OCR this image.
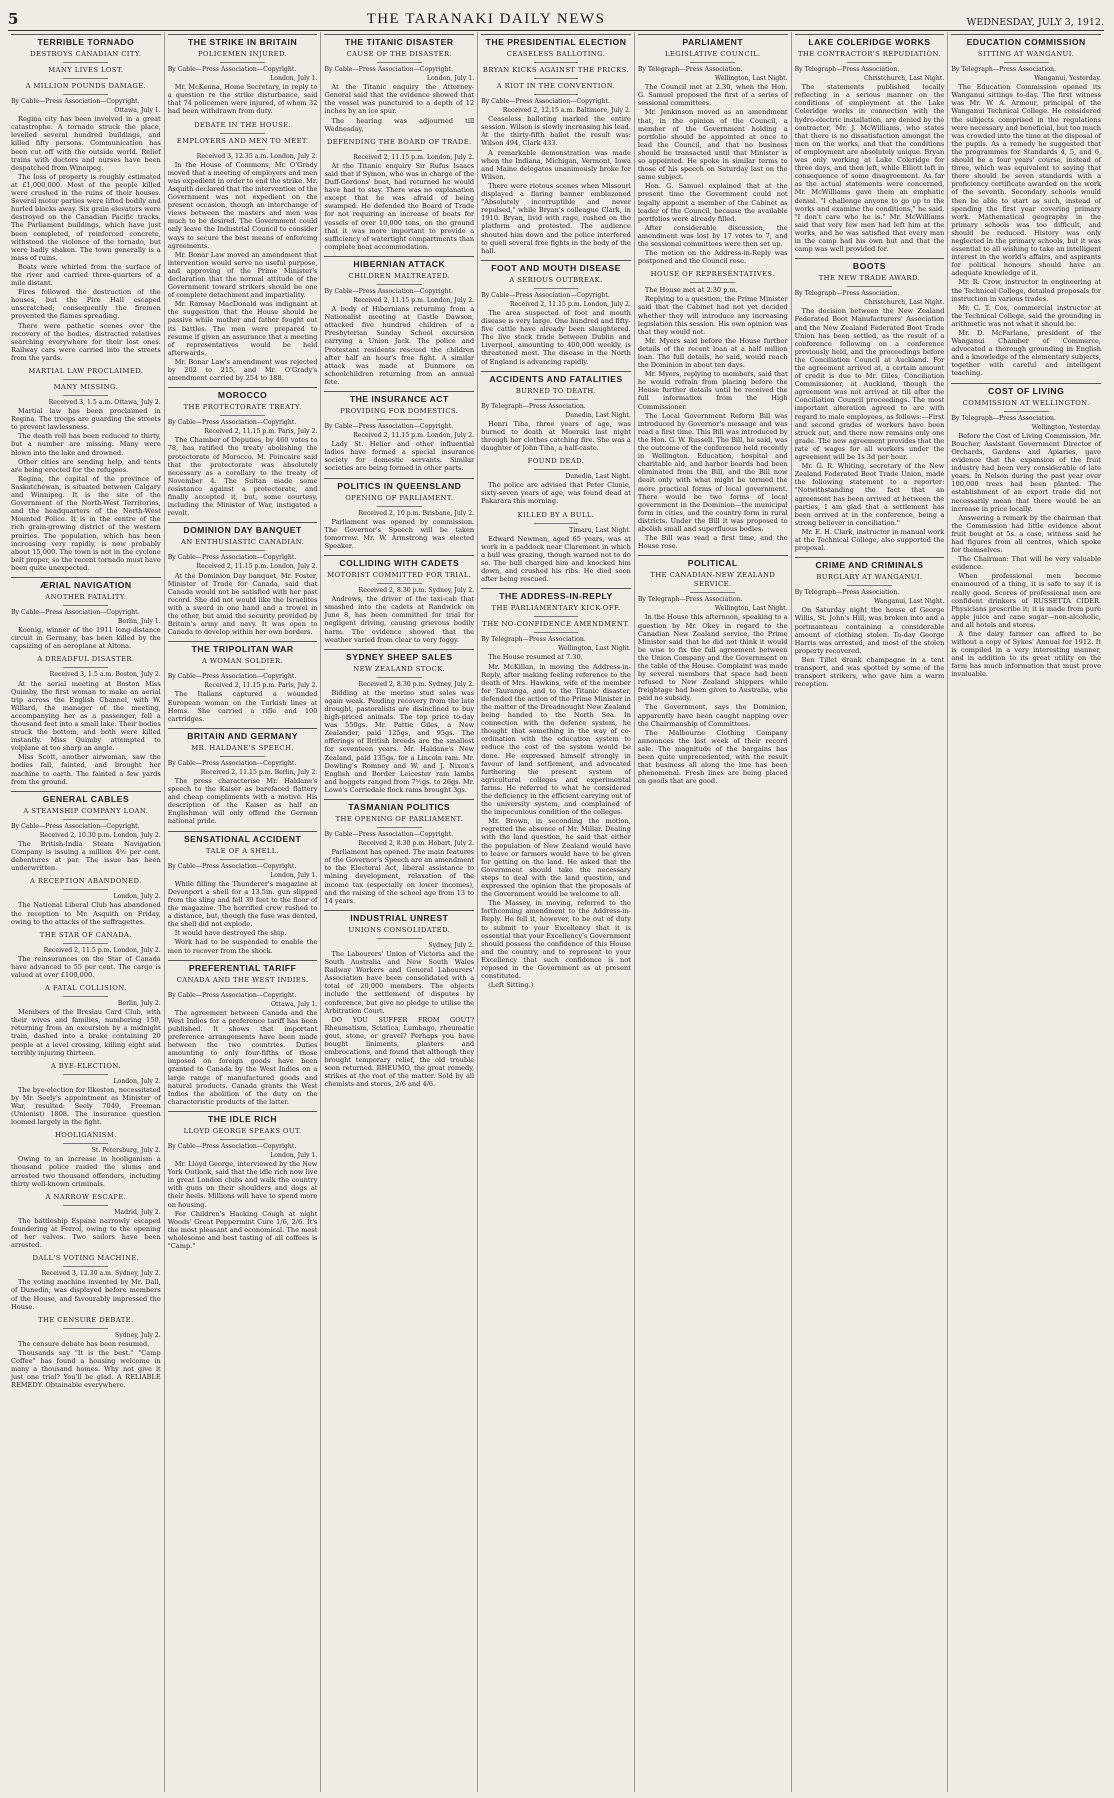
5	THE TARANAKI DAILY NEWS	WEDNESDAY, JULY 3, 1912.
TERRIBLE TORNADO
DESTROYS CANADIAN CITY.
MANY LIVES LOST.
A MILLION POUNDS DAMAGE.
By Cable—Press Association—Copyright.
Ottawa, July 1.

Regina city has been involved in a great catastrophe. A tornado struck the place, levelled several hundred buildings, and killed fifty persons. Communication has been cut off with the outside world. Relief trains with doctors and nurses have been despatched from Winnipeg.

The loss of property is roughly estimated at £1,000,000. Most of the people killed were crushed in the ruins of their houses. Several motor parties were lifted bodily and hurled blocks away. Six grain elevators were destroyed on the Canadian Pacific tracks. The Parliament buildings, which have just been completed, of reinforced concrete, withstood the violence of the tornado, but were badly shaken. The town generally is a mass of ruins.

Boats were whirled from the surface of the river and carried three-quarters of a mile distant.

Fires followed the destruction of the houses, but the Fire Hall escaped unscratched; consequently the firemen prevented the flames spreading.

There were pathetic scenes over the recovery of the bodies, distracted relatives searching everywhere for their lost ones. Railway cars were carried into the streets from the yards.

MARTIAL LAW PROCLAIMED.
MANY MISSING.
Received 3, 1.5 a.m. Ottawa, July 2.

Martial law has been proclaimed in Regina. The troops are guarding the streets to prevent lawlessness.

The death roll has been reduced to thirty, but a number are missing. Many were blown into the lake and drowned.

Other cities are sending help, and tents are being erected for the refugees.

Regina, the capital of the province of Saskatchewan, is situated between Calgary and Winnipeg. It is the site of the Government of the North-West Territories, and the headquarters of the North-West Mounted Police. It is in the centre of the rich grain-growing district of the western prairies. The population, which has been increasing very rapidly, is now probably about 15,000. The town is not in the cyclone belt proper, so the recent tornado must have been quite unexpected.

ÆRIAL NAVIGATION
ANOTHER FATALITY.
By Cable—Press Association—Copyright.
Berlin, July 1.

Koenig, winner of the 1911 long-distance circuit in Germany, has been killed by the capsizing of an aeroplane at Altona.

A DREADFUL DISASTER.
Received 3, 1.5 a.m. Boston, July 2.

At the aerial meeting at Boston Miss Quimby, the first woman to make an aerial trip across the English Channel, with W. Willard, the manager of the meeting, accompanying her as a passenger, fell a thousand feet into a small lake. Their bodies struck the bottom, and both were killed instantly. Miss Quimby attempted to volplane at too sharp an angle.

Miss Scott, another airwoman, saw the bodies fall, fainted, and brought her machine to earth. The fainted a few yards from the ground.

GENERAL CABLES
A STEAMSHIP COMPANY LOAN.
By Cable—Press Association—Copyright.
Received 2, 10.30 p.m. London, July 2.

The British-India Steam Navigation Company is issuing a million 4½ per cent. debentures at par. The issue has been underwritten.

A RECEPTION ABANDONED.
London, July 2.

The National Liberal Club has abandoned the reception to Mr. Asquith on Friday, owing to the attacks of the suffragettes.

THE STAR OF CANADA.
Received 2, 11.5 p.m. London, July 2.

The reinsurances on the Star of Canada have advanced to 55 per cent. The cargo is valued at over £100,000.

A FATAL COLLISION.
Berlin, July 2.

Members of the Breslau Card Club, with their wives and families, numbering 150, returning from an excursion by a midnight train, dashed into a brake containing 20 people at a level crossing, killing eight and terribly injuring thirteen.

A BYE-ELECTION.
London, July 2.

The bye-election for Ilkeston, necessitated by Mr. Seely's appointment as Minister of War, resulted: Seely 7049, Freeman (Unionist) 1808. The insurance question loomed largely in the fight.

HOOLIGANISM.
St. Petersburg, July 2.

Owing to an increase in hooliganism a thousand police raided the slums and arrested two thousand offenders, including thirty well-known criminals.

A NARROW ESCAPE.
Madrid, July 2.

The battleship Espana narrowly escaped foundering at Ferrol, owing to the opening of her valves. Two sailors have been arrested.

DALL'S VOTING MACHINE.
Received 3, 12.30 a.m. Sydney, July 2.

The voting machine invented by Mr. Dall, of Dunedin, was displayed before members of the House, and favourably impressed the House.

THE CENSURE DEBATE.
Sydney, July 2.

The censure debate has been resumed.

Thousands say "It is the best." "Camp Coffee" has found a housing welcome in many a thousand homes. Why not give it just one trial? You'll be glad. A RELIABLE REMEDY. Obtainable everywhere.

THE STRIKE IN BRITAIN
POLICEMEN INJURED.
By Cable—Press Association—Copyright.
London, July 1.

Mr. McKenna, Home Secretary, in reply to a question re the strike disturbance, said that 74 policemen were injured, of whom 32 had been withdrawn from duty.

DEBATE IN THE HOUSE.
EMPLOYERS AND MEN TO MEET.
Received 3, 12.35 a.m. London, July 2.

In the House of Commons, Mr. O'Grady moved that a meeting of employers and men was expedient in order to end the strike. Mr. Asquith declared that the intervention of the Government was not expedient on the present occasion, though an interchange of views between the masters and men was much to be desired. The Government could only leave the Industrial Council to consider ways to secure the best means of enforcing agreements.

Mr. Bonar Law moved an amendment that intervention would serve no useful purpose, and approving of the Prime Minister's declaration that the normal attitude of the Government toward strikers should be one of complete detachment and impartiality.

Mr. Ramsay MacDonald was indignant at the suggestion that the House should be passive while mother and father fought out its battles. The men were prepared to resume if given an assurance that a meeting of representatives would be held afterwards.

Mr. Bonar Law's amendment was rejected by 202 to 215, and Mr. O'Grady's amendment carried by 254 to 188.

MOROCCO
THE PROTECTORATE TREATY.
By Cable—Press Association—Copyright.
Received 2, 11.15 p.m. Paris, July 2.

The Chamber of Deputies, by 460 votes to 78, has ratified the treaty abolishing the protectorate of Morocco. M. Poincaire said that the protectorate was absolutely necessary as a corollary to the treaty of November 4. The Sultan made some resistance against a protectorate, and finally accepted it, but, some courtesy, including the Minister of War, instigated a revolt.

DOMINION DAY BANQUET
AN ENTHUSIASTIC CANADIAN.
By Cable—Press Association—Copyright.
Received 2, 11.15 p.m. London, July 2.

At the Dominion Day banquet, Mr. Foster, Minister of Trade for Canada, said that Canada would not be satisfied with her past record. She did not would like the Israelites with a sword in one hand and a trowel in the other, but amid the security provided by Britain's army and navy. It was open to Canada to develop within her own borders.

THE TRIPOLITAN WAR
A WOMAN SOLDIER.
By Cable—Press Association—Copyright.
Received 2, 11.15 p.m. Paris, July 2.

The Italians captured a wounded European woman on the Turkish lines at Homs. She carried a rifle and 100 cartridges.

BRITAIN AND GERMANY
MR. HALDANE'S SPEECH.
By Cable—Press Association—Copyright.
Received 2, 11.15 p.m. Berlin, July 2.

The press characterise Mr. Haldane's speech to the Kaiser as barefaced flattery and cheap compliments with a motive. His description of the Kaiser as half an Englishman will only offend the German national pride.

SENSATIONAL ACCIDENT
TALE OF A SHELL.
By Cable—Press Association—Copyright.
London, July 1.

While filling the Thunderer's magazine at Devonport a shell for a 13.5in. gun slipped from the sling and fell 30 feet to the floor of the magazine. The horrified crew rushed to a distance, but, though the fuse was dented, the shell did not explode.

It would have destroyed the ship.

Work had to be suspended to enable the men to recover from the shock.

PREFERENTIAL TARIFF
CANADA AND THE WEST INDIES.
By Cable—Press Association—Copyright.
Ottawa, July 1.

The agreement between Canada and the West Indies for a preference tariff has been published. It shows that important preference arrangements have been made between the two countries. Duties amounting to only four-fifths of those imposed on foreign goods have been granted to Canada by the West Indies on a large range of manufactured goods and natural products. Canada grants the West Indies the abolition of the duty on the characteristic products of the latter.

THE IDLE RICH
LLOYD GEORGE SPEAKS OUT.
By Cable—Press Association—Copyright.
London, July 1.

Mr. Lloyd George, interviewed by the New York Outlook, said that the idle rich now live in great London clubs and walk the country with guns on their shoulders and dogs at their heels. Millions will have to spend more on housing.

For Children's Hacking Cough at night Woods' Great Peppermint Cure 1/6, 2/6. It's the most pleasant and economical. The most wholesome and best tasting of all coffees is "Camp."

THE TITANIC DISASTER
CAUSE OF THE DISASTER.
By Cable—Press Association—Copyright.
London, July 1.

At the Titanic enquiry the Attorney-General said that the evidence showed that the vessel was punctured to a depth of 12 inches by an ice spur.

The hearing was adjourned till Wednesday.

DEFENDING THE BOARD OF TRADE.
Received 2, 11.15 p.m. London, July 2.

At the Titanic enquiry Sir Rufus Isaacs said that if Symon, who was in charge of the Duff-Gordons' boat, had returned he would have had to stay. There was no explanation except that he was afraid of being swamped. He defended the Board of Trade for not requiring an increase of boats for vessels of over 10,000 tons, on the ground that it was more important to provide a sufficiency of watertight compartments than complete boat accommodation.

HIBERNIAN ATTACK
CHILDREN MALTREATED.
By Cable—Press Association—Copyright.
Received 2, 11.15 p.m. London, July 2.

A body of Hibernians returning from a Nationalist meeting at Castle Dawson, attacked five hundred children of a Presbyterian Sunday School excursion carrying a Union Jack. The police and Protestant residents rescued the children after half an hour's free fight. A similar attack was made at Dunmore on schoolchildren returning from an annual fete.

THE INSURANCE ACT
PROVIDING FOR DOMESTICS.
By Cable—Press Association—Copyright.
Received 2, 11.15 p.m. London, July 2.

Lady St. Helier and other influential ladies have formed a special insurance society for domestic servants. Similar societies are being formed in other parts.

POLITICS IN QUEENSLAND
OPENING OF PARLIAMENT.
Received 2, 10 p.m. Brisbane, July 2.

Parliament was opened by commission. The Governor's Speech will be taken tomorrow. Mr. W. Armstrong was elected Speaker.

COLLIDING WITH CADETS
MOTORIST COMMITTED FOR TRIAL.
Received 2, 8.30 p.m. Sydney, July 2.

Andrews, the driver of the taxi-cab that smashed into the cadets at Randwick on June 8, has been committed for trial for negligent driving, causing grievous bodily harm. The evidence showed that the weather varied from clear to very foggy.

SYDNEY SHEEP SALES
NEW ZEALAND STOCK.
Received 2, 8.30 p.m. Sydney, July 2.

Bidding at the merino stud sales was again weak. Pending recovery from the late drought, pastoralists are disinclined to buy high-priced animals. The top price to-day was 550gs. Mr. Pattie Giles, a New Zealander, paid 125gs, and 95gs. The offerings of British breeds are the smallest for seventeen years. Mr. Haldane's New Zealand, paid 135gs. for a Lincoln ram. Mr. Dowling's Romney and W. and J. Nixon's English and Border Leicester ram lambs and hoggets ranged from 7½gs. to 26gs. Mr. Lowe's Corriedale flock rams brought 3gs.

TASMANIAN POLITICS
THE OPENING OF PARLIAMENT.
By Cable—Press Association—Copyright.
Received 2, 8.30 p.m. Hobart, July 2.

Parliament has opened. The main features of the Governor's Speech are an amendment to the Electoral Act, liberal assistance to mining development, relaxation of the income tax (especially on lower incomes), and the raising of the school age from 13 to 14 years.

INDUSTRIAL UNREST
UNIONS CONSOLIDATED.
Sydney, July 2.

The Labourers' Union of Victoria and the South Australia and New South Wales Railway Workers and General Labourers' Association have been consolidated with a total of 20,000 members. The objects include the settlement of disputes by conference, but give no pledge to utilise the Arbitration Court.

DO YOU SUFFER FROM GOUT? Rheumatism, Sciatica, Lumbago, rheumatic gout, stone, or gravel? Perhaps you have bought liniments, plasters and embrocations, and found that although they brought temporary relief, the old trouble soon returned. RHEUMO, the great remedy, strikes at the root of the matter. Sold by all chemists and stores, 2/6 and 4/6.

THE PRESIDENTIAL ELECTION
CEASELESS BALLOTING.
BRYAN KICKS AGAINST THE PRICKS.
A RIOT IN THE CONVENTION.
By Cable—Press Association—Copyright.
Received 2, 12.15 a.m. Baltimore, July 2.

Ceaseless balloting marked the entire session. Wilson is slowly increasing his lead. At the thirty-fifth ballot the result was: Wilson 494, Clark 433.

A remarkable demonstration was made when the Indiana, Michigan, Vermont, Iowa and Maine delegates unanimously broke for Wilson.

There were riotous scenes when Missouri displayed a flaring banner emblazoned "Absolutely incorruptible and never repulsed," while Bryan's colleague Clark, in 1910. Bryan, livid with rage, rushed on the platform and protested. The audience shouted him down and the police interfered to quell several free fights in the body of the hall.

FOOT AND MOUTH DISEASE
A SERIOUS OUTBREAK.
By Cable—Press Association—Copyright.
Received 2, 11.15 p.m. London, July 2.

The area suspected of foot and mouth disease is very large. One hundred and fifty-five cattle have already been slaughtered. The live stock trade between Dublin and Liverpool, amounting to 400,000 weekly, is threatened most. The disease in the North of England is advancing rapidly.

ACCIDENTS AND FATALITIES
BURNED TO DEATH.
By Telegraph—Press Association.
Dunedin, Last Night.

Henri Tiha, three years of age, was burned to death at Moeraki last night through her clothes catching fire. She was a daughter of John Tiha, a half-caste.

FOUND DEAD.
Dunedin, Last Night.

The police are advised that Peter Clunie, sixty-seven years of age, was found dead at Pakarara this morning.

KILLED BY A BULL.
Timaru, Last Night.

Edward Newman, aged 65 years, was at work in a paddock near Claremont in which a bull was grazing, though warned not to do so. The bull charged him and knocked him down, and crushed his ribs. He died soon after being rescued.

THE ADDRESS-IN-REPLY
THE PARLIAMENTARY KICK-OFF.
THE NO-CONFIDENCE AMENDMENT.
By Telegraph—Press Association.
Wellington, Last Night.

The House resumed at 7.30.

Mr. McKillan, in moving the Address-in-Reply, after making feeling reference to the death of Mrs. Hawkins, wife of the member for Tauranga, and to the Titanic disaster, defended the action of the Prime Minister in the matter of the Dreadnought New Zealand being handed to the North Sea. In connection with the defence system, he thought that something in the way of co-ordination with the education system to reduce the cost of the system would be done. He expressed himself strongly in favour of land settlement, and advocated furthering the present system of agricultural colleges and experimental farms. He referred to what he considered the deficiency in the efficient carrying out of the university system, and complained of the impecunious condition of the colleges.

Mr. Brown, in seconding the motion, regretted the absence of Mr. Millar. Dealing with the land question, he said that either the population of New Zealand would have to leave or farmers would have to be given for getting on the land. He asked that the Government should take the necessary steps to deal with the land question, and expressed the opinion that the proposals of the Government would be welcome to all.

The Massey, in moving, referred to the forthcoming amendment to the Address-in-Reply. He fell it, however, to be out of duty to submit to your Excellency that it is essential that your Excellency's Government should possess the confidence of this House and the country, and to represent to your Excellency that such confidence is not reposed in the Government as at present constituted.

(Left Sitting.)

PARLIAMENT
LEGISLATIVE COUNCIL.
By Telegraph—Press Association.
Wellington, Last Night.

The Council met at 2.30, when the Hon. G. Samuel proposed the first of a series of sessional committees.

Mr. Jenkinson moved as an amendment that, in the opinion of the Council, a member of the Government holding a portfolio should be appointed at once to lead the Council, and that no business should be transacted until that Minister is so appointed. He spoke in similar terms to those of his speech on Saturday last on the same subject.

Hon. G. Samuel explained that at the present time the Government could not legally appoint a member of the Cabinet as leader of the Council, because the available portfolios were already filled.

After considerable discussion, the amendment was lost by 17 votes to 7, and the sessional committees were then set up.

The motion on the Address-in-Reply was postponed and the Council rose.

HOUSE OF REPRESENTATIVES.

The House met at 2.30 p.m.

Replying to a question, the Prime Minister said that the Cabinet had not yet decided whether they will introduce any increasing legislation this session. His own opinion was that they would not.

Mr. Myers said before the House further details of the recent loan at a half million loan. The full details, he said, would reach the Dominion in about ten days.

Mr. Myers, replying to members, said that he would refrain from placing before the House further details until he received the full information from the High Commissioner.

The Local Government Reform Bill was introduced by Governor's message and was read a first time. This Bill was introduced by the Hon. G. W. Russell. The Bill, he said, was the outcome of the conference held recently in Wellington. Education, hospital and charitable aid, and harbor boards had been eliminated from the Bill, and the Bill now dealt only with what might be termed the more practical forms of local government. There would be two forms of local government in the Dominion—the municipal form in cities, and the country form in rural districts. Under the Bill it was proposed to abolish small and superfluous bodies.

The Bill was read a first time, and the House rose.

POLITICAL
THE CANADIAN-NEW ZEALAND SERVICE.
By Telegraph—Press Association.
Wellington, Last Night.

In the House this afternoon, speaking to a question by Mr. Okey in regard to the Canadian New Zealand service, the Prime Minister said that he did not think it would be wise to fix the full agreement between the Union Company and the Government on the table of the House. Complaint was made by several members that space had been refused to New Zealand shippers while freightage had been given to Australia, who paid no subsidy.

The Government, says the Dominion, apparently have been caught napping over the Chairmanship of Committees.

The Malbourne Clothing Company announces the last week of their record sale. The magnitude of the bargains has been quite unprecedented, with the result that business all along the line has been phenomenal. Fresh lines are being placed on goods that are good.

LAKE COLERIDGE WORKS
THE CONTRACTOR'S REPUDIATION.
By Telegraph—Press Association.
Christchurch, Last Night.

The statements published locally reflecting in a serious manner on the conditions of employment at the Lake Coleridge works in connection with the hydro-electric installation, are denied by the contractor, Mr. J. McWilliams, who states that there is no dissatisfaction amongst the men on the works, and that the conditions of employment are absolutely unique. Bryan was only working at Lake Coleridge for three days, and then left, while Elliott left in consequence of some disagreement. As far as the actual statements were concerned, Mr. McWilliams gave them an emphatic denial. "I challenge anyone to go up to the works and examine the conditions," he said. "I don't care who he is." Mr. McWilliams said that very few men had left him at the works, and he was satisfied that every man in the camp had his own hut and that the camp was well provided for.

BOOTS
THE NEW TRADE AWARD.
By Telegraph—Press Association.
Christchurch, Last Night.

The decision between the New Zealand Federated Boot Manufacturers' Association and the New Zealand Federated Boot Trade Union has been settled, as the result of a conference following on a conference previously held, and the proceedings before the Conciliation Council at Auckland. For the agreement arrived at, a certain amount of credit is due to Mr. Giles, Conciliation Commissioner, at Auckland, though the agreement was not arrived at till after the Conciliation Council proceedings. The most important alteration agreed to are with regard to male employees, as follows:—First and second grades of workers have been struck out, and there now remains only one grade. The new agreement provides that the rate of wages for all workers under the agreement will be 1s 3d per hour.

Mr. G. R. Whiting, secretary of the New Zealand Federated Boot Trade Union, made the following statement to a reporter: "Notwithstanding the fact that an agreement has been arrived at between the parties, I am glad that a settlement has been arrived at in the conference, being a strong believer in conciliation."

Mr. E. H. Clark, instructor in manual work at the Technical College, also supported the proposal.

CRIME AND CRIMINALS
BURGLARY AT WANGANUI.
By Telegraph—Press Association.
Wanganui, Last Night.

On Saturday night the house of George Willis, St. John's Hill, was broken into and a portmanteau containing a considerable amount of clothing stolen. To-day George Harris was arrested, and most of the stolen property recovered.

Ben Tillet drank champagne in a tent transport, and was spotted by some of the transport strikers, who gave him a warm reception.

EDUCATION COMMISSION
SITTING AT WANGANUI.
By Telegraph—Press Association.
Wanganui, Yesterday.

The Education Commission opened its Wanganui sittings to-day. The first witness was Mr. W. A. Armour, principal of the Wanganui Technical College. He considered the subjects comprised in the regulations were necessary and beneficial, but too much was crowded into the time at the disposal of the pupils. As a remedy he suggested that the programmes for Standards 4, 5, and 6, should be a four years' course, instead of three, which was equivalent to saying that there should be seven standards with a proficiency certificate awarded on the work of the seventh. Secondary schools would then be able to start as such, instead of spending the first year covering primary work. Mathematical geography in the primary schools was too difficult, and should be reduced. History was only neglected in the primary schools, but it was essential to all wishing to take an intelligent interest in the world's affairs, and aspirants for political honours should have an adequate knowledge of it.

Mr. R. Crow, instructor in engineering at the Technical College, detailed proposals for instruction in various trades.

Mr. C. T. Cox, commercial instructor at the Technical College, said the grounding in arithmetic was not what it should be.

Mr. D. McFarlane, president of the Wanganui Chamber of Commerce, advocated a thorough grounding in English and a knowledge of the elementary subjects, together with careful and intelligent teaching.

COST OF LIVING
COMMISSION AT WELLINGTON.
By Telegraph—Press Association.
Wellington, Yesterday.

Before the Cost of Living Commission, Mr. Boucher, Assistant Government Director of Orchards, Gardens and Apiaries, gave evidence that the expansion of the fruit industry had been very considerable of late years. In Nelson during the past year over 100,000 trees had been planted. The establishment of an export trade did not necessarily mean that there would be an increase in price locally.

Answering a remark by the chairman that the Commission had little evidence about fruit bought at 5s. a case, witness said he had figures from all centres, which spoke for themselves.

The Chairman: That will be very valuable evidence.

When professional men become enamoured of a thing, it is safe to say it is really good. Scores of professional men are confident drinkers of RUSSETTA CIDER. Physicians prescribe it; it is made from pure apple juice and cane sugar—non-alcoholic, and all hotels and stores.

A fine dairy farmer can afford to be without a copy of Sykes' Annual for 1912. It is compiled in a very interesting manner, and in addition to its great utility on the farm has much information that must prove invaluable.
